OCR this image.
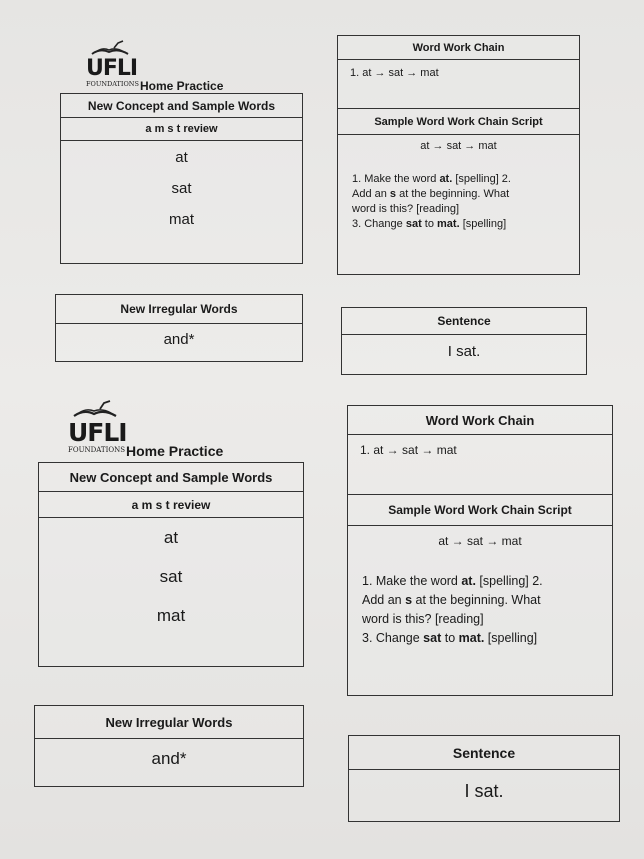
UFLI
FOUNDATIONS Home Practice
New Concept and Sample Words
a m s t review
at
sat
mat
New Irregular Words
and*
Word Work Chain
1. at → sat → mat
Sample Word Work Chain Script
at → sat → mat
1. Make the word at. [spelling] 2.
Add an s at the beginning. What
word is this? [reading]
3. Change sat to mat. [spelling]
Sentence
I sat.
UFLI
FOUNDATIONS Home Practice
New Concept and Sample Words
a m s t review
at
sat
mat
New Irregular Words
and*
Word Work Chain
1. at → sat → mat
Sample Word Work Chain Script
at → sat → mat
1. Make the word at. [spelling] 2.
Add an s at the beginning. What
word is this? [reading]
3. Change sat to mat. [spelling]
Sentence
I sat.
